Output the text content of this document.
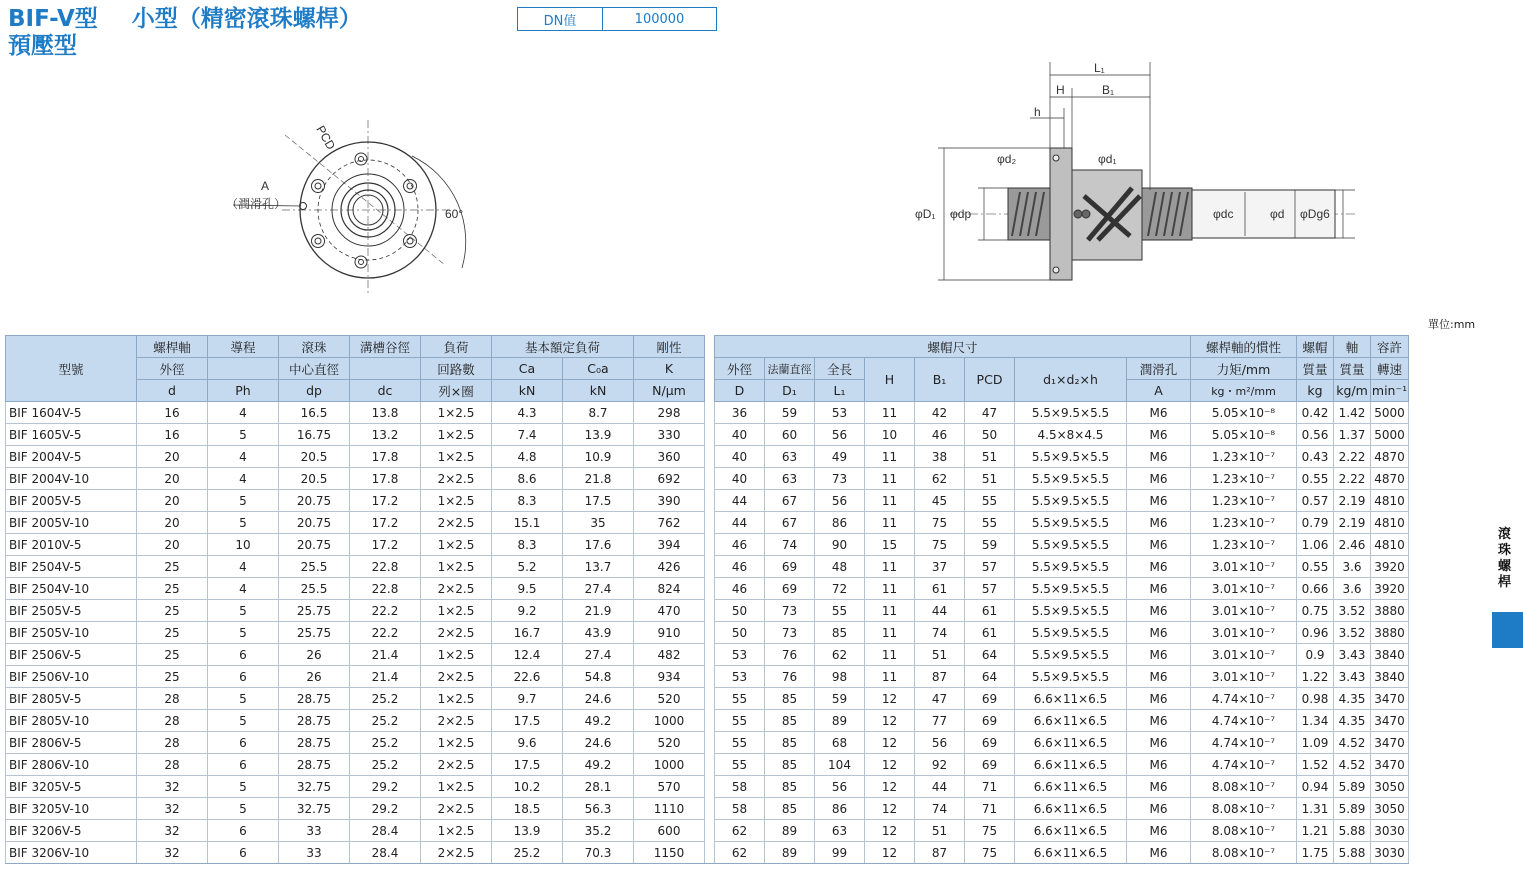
BIF-V型 小型（精密滾珠螺桿）
預壓型
DN值	100000
PCD
A
（潤滑孔）
60°
L₁
H	B₁
h
φd₂	φd₁
φD₁ φdp	φdc	φd φDg6
單位:mm
滾珠螺桿
型號	螺桿軸	導程	滾珠	溝槽谷徑	負荷	基本額定負荷		剛性		螺帽尺寸								螺桿軸的慣性	螺帽	軸	容許
	外徑		中心直徑		回路數	Ca	C₀a	K		外徑	法蘭直徑	全長	H	B₁	PCD	d₁×d₂×h	潤滑孔	力矩/mm	質量	質量	轉速
	d	Ph	dp	dc	列×圈	kN	kN	N/μm		D	D₁	L₁					A	kg・m²/mm	kg	kg/m	min⁻¹
BIF 1604V-5	16	4	16.5	13.8	1×2.5	4.3	8.7	298		36	59	53	11	42	47	5.5×9.5×5.5	M6	5.05×10⁻⁸	0.42	1.42	5000
BIF 1605V-5	16	5	16.75	13.2	1×2.5	7.4	13.9	330		40	60	56	10	46	50	4.5×8×4.5	M6	5.05×10⁻⁸	0.56	1.37	5000
BIF 2004V-5	20	4	20.5	17.8	1×2.5	4.8	10.9	360		40	63	49	11	38	51	5.5×9.5×5.5	M6	1.23×10⁻⁷	0.43	2.22	4870
BIF 2004V-10	20	4	20.5	17.8	2×2.5	8.6	21.8	692		40	63	73	11	62	51	5.5×9.5×5.5	M6	1.23×10⁻⁷	0.55	2.22	4870
BIF 2005V-5	20	5	20.75	17.2	1×2.5	8.3	17.5	390		44	67	56	11	45	55	5.5×9.5×5.5	M6	1.23×10⁻⁷	0.57	2.19	4810
BIF 2005V-10	20	5	20.75	17.2	2×2.5	15.1	35	762		44	67	86	11	75	55	5.5×9.5×5.5	M6	1.23×10⁻⁷	0.79	2.19	4810
BIF 2010V-5	20	10	20.75	17.2	1×2.5	8.3	17.6	394		46	74	90	15	75	59	5.5×9.5×5.5	M6	1.23×10⁻⁷	1.06	2.46	4810
BIF 2504V-5	25	4	25.5	22.8	1×2.5	5.2	13.7	426		46	69	48	11	37	57	5.5×9.5×5.5	M6	3.01×10⁻⁷	0.55	3.6	3920
BIF 2504V-10	25	4	25.5	22.8	2×2.5	9.5	27.4	824		46	69	72	11	61	57	5.5×9.5×5.5	M6	3.01×10⁻⁷	0.66	3.6	3920
BIF 2505V-5	25	5	25.75	22.2	1×2.5	9.2	21.9	470		50	73	55	11	44	61	5.5×9.5×5.5	M6	3.01×10⁻⁷	0.75	3.52	3880
BIF 2505V-10	25	5	25.75	22.2	2×2.5	16.7	43.9	910		50	73	85	11	74	61	5.5×9.5×5.5	M6	3.01×10⁻⁷	0.96	3.52	3880
BIF 2506V-5	25	6	26	21.4	1×2.5	12.4	27.4	482		53	76	62	11	51	64	5.5×9.5×5.5	M6	3.01×10⁻⁷	0.9	3.43	3840
BIF 2506V-10	25	6	26	21.4	2×2.5	22.6	54.8	934		53	76	98	11	87	64	5.5×9.5×5.5	M6	3.01×10⁻⁷	1.22	3.43	3840
BIF 2805V-5	28	5	28.75	25.2	1×2.5	9.7	24.6	520		55	85	59	12	47	69	6.6×11×6.5	M6	4.74×10⁻⁷	0.98	4.35	3470
BIF 2805V-10	28	5	28.75	25.2	2×2.5	17.5	49.2	1000		55	85	89	12	77	69	6.6×11×6.5	M6	4.74×10⁻⁷	1.34	4.35	3470
BIF 2806V-5	28	6	28.75	25.2	1×2.5	9.6	24.6	520		55	85	68	12	56	69	6.6×11×6.5	M6	4.74×10⁻⁷	1.09	4.52	3470
BIF 2806V-10	28	6	28.75	25.2	2×2.5	17.5	49.2	1000		55	85	104	12	92	69	6.6×11×6.5	M6	4.74×10⁻⁷	1.52	4.52	3470
BIF 3205V-5	32	5	32.75	29.2	1×2.5	10.2	28.1	570		58	85	56	12	44	71	6.6×11×6.5	M6	8.08×10⁻⁷	0.94	5.89	3050
BIF 3205V-10	32	5	32.75	29.2	2×2.5	18.5	56.3	1110		58	85	86	12	74	71	6.6×11×6.5	M6	8.08×10⁻⁷	1.31	5.89	3050
BIF 3206V-5	32	6	33	28.4	1×2.5	13.9	35.2	600		62	89	63	12	51	75	6.6×11×6.5	M6	8.08×10⁻⁷	1.21	5.88	3030
BIF 3206V-10	32	6	33	28.4	2×2.5	25.2	70.3	1150		62	89	99	12	87	75	6.6×11×6.5	M6	8.08×10⁻⁷	1.75	5.88	3030
